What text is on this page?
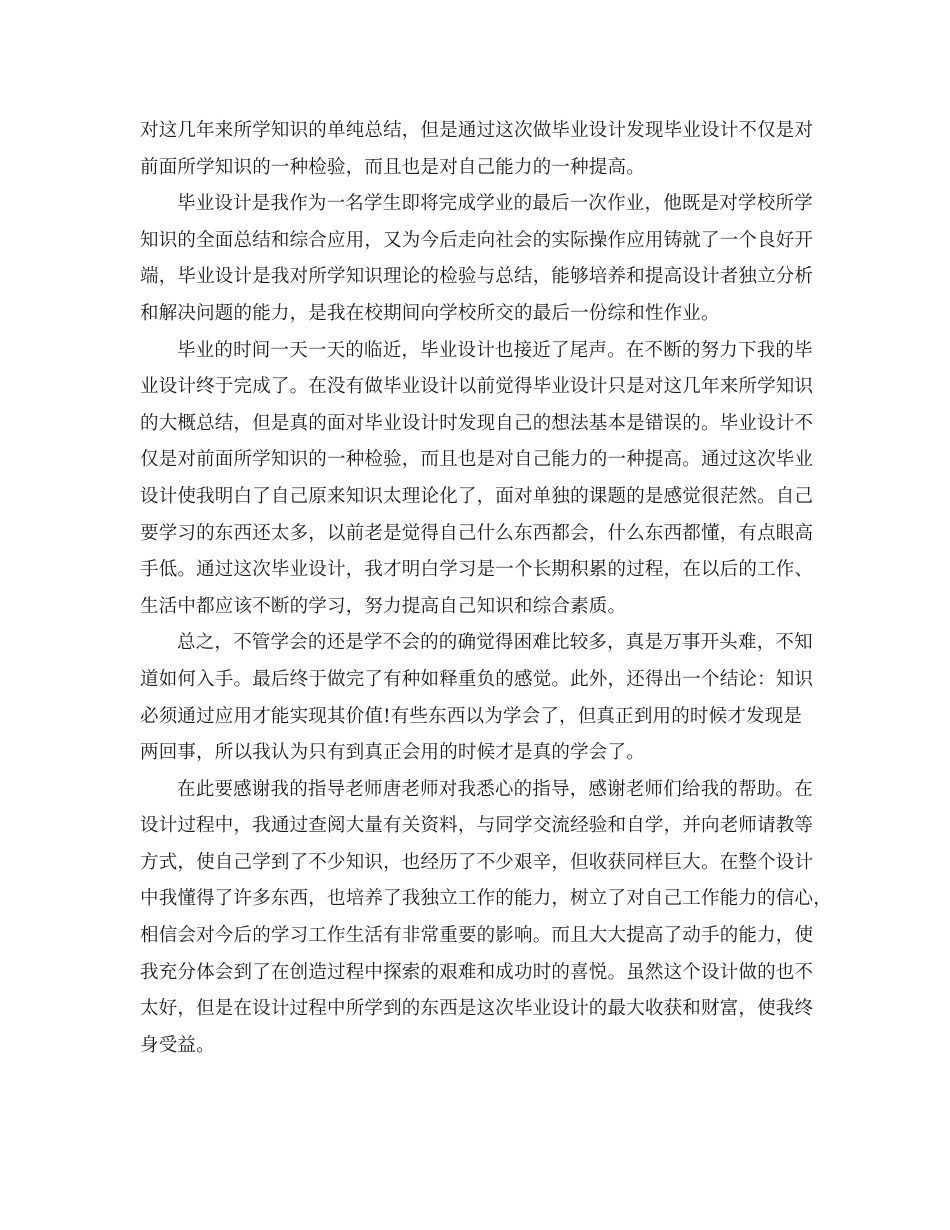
对这几年来所学知识的单纯总结，但是通过这次做毕业设计发现毕业设计不仅是对
前面所学知识的一种检验，而且也是对自己能力的一种提高。
毕业设计是我作为一名学生即将完成学业的最后一次作业，他既是对学校所学
知识的全面总结和综合应用，又为今后走向社会的实际操作应用铸就了一个良好开
端，毕业设计是我对所学知识理论的检验与总结，能够培养和提高设计者独立分析
和解决问题的能力，是我在校期间向学校所交的最后一份综和性作业。
毕业的时间一天一天的临近，毕业设计也接近了尾声。在不断的努力下我的毕
业设计终于完成了。在没有做毕业设计以前觉得毕业设计只是对这几年来所学知识
的大概总结，但是真的面对毕业设计时发现自己的想法基本是错误的。毕业设计不
仅是对前面所学知识的一种检验，而且也是对自己能力的一种提高。通过这次毕业
设计使我明白了自己原来知识太理论化了，面对单独的课题的是感觉很茫然。自己
要学习的东西还太多，以前老是觉得自己什么东西都会，什么东西都懂，有点眼高
手低。通过这次毕业设计，我才明白学习是一个长期积累的过程，在以后的工作、
生活中都应该不断的学习，努力提高自己知识和综合素质。
总之，不管学会的还是学不会的的确觉得困难比较多，真是万事开头难，不知
道如何入手。最后终于做完了有种如释重负的感觉。此外，还得出一个结论：知识
必须通过应用才能实现其价值!有些东西以为学会了，但真正到用的时候才发现是
两回事，所以我认为只有到真正会用的时候才是真的学会了。
在此要感谢我的指导老师唐老师对我悉心的指导，感谢老师们给我的帮助。在
设计过程中，我通过查阅大量有关资料，与同学交流经验和自学，并向老师请教等
方式，使自己学到了不少知识，也经历了不少艰辛，但收获同样巨大。在整个设计
中我懂得了许多东西，也培养了我独立工作的能力，树立了对自己工作能力的信心，
相信会对今后的学习工作生活有非常重要的影响。而且大大提高了动手的能力，使
我充分体会到了在创造过程中探索的艰难和成功时的喜悦。虽然这个设计做的也不
太好，但是在设计过程中所学到的东西是这次毕业设计的最大收获和财富，使我终
身受益。
